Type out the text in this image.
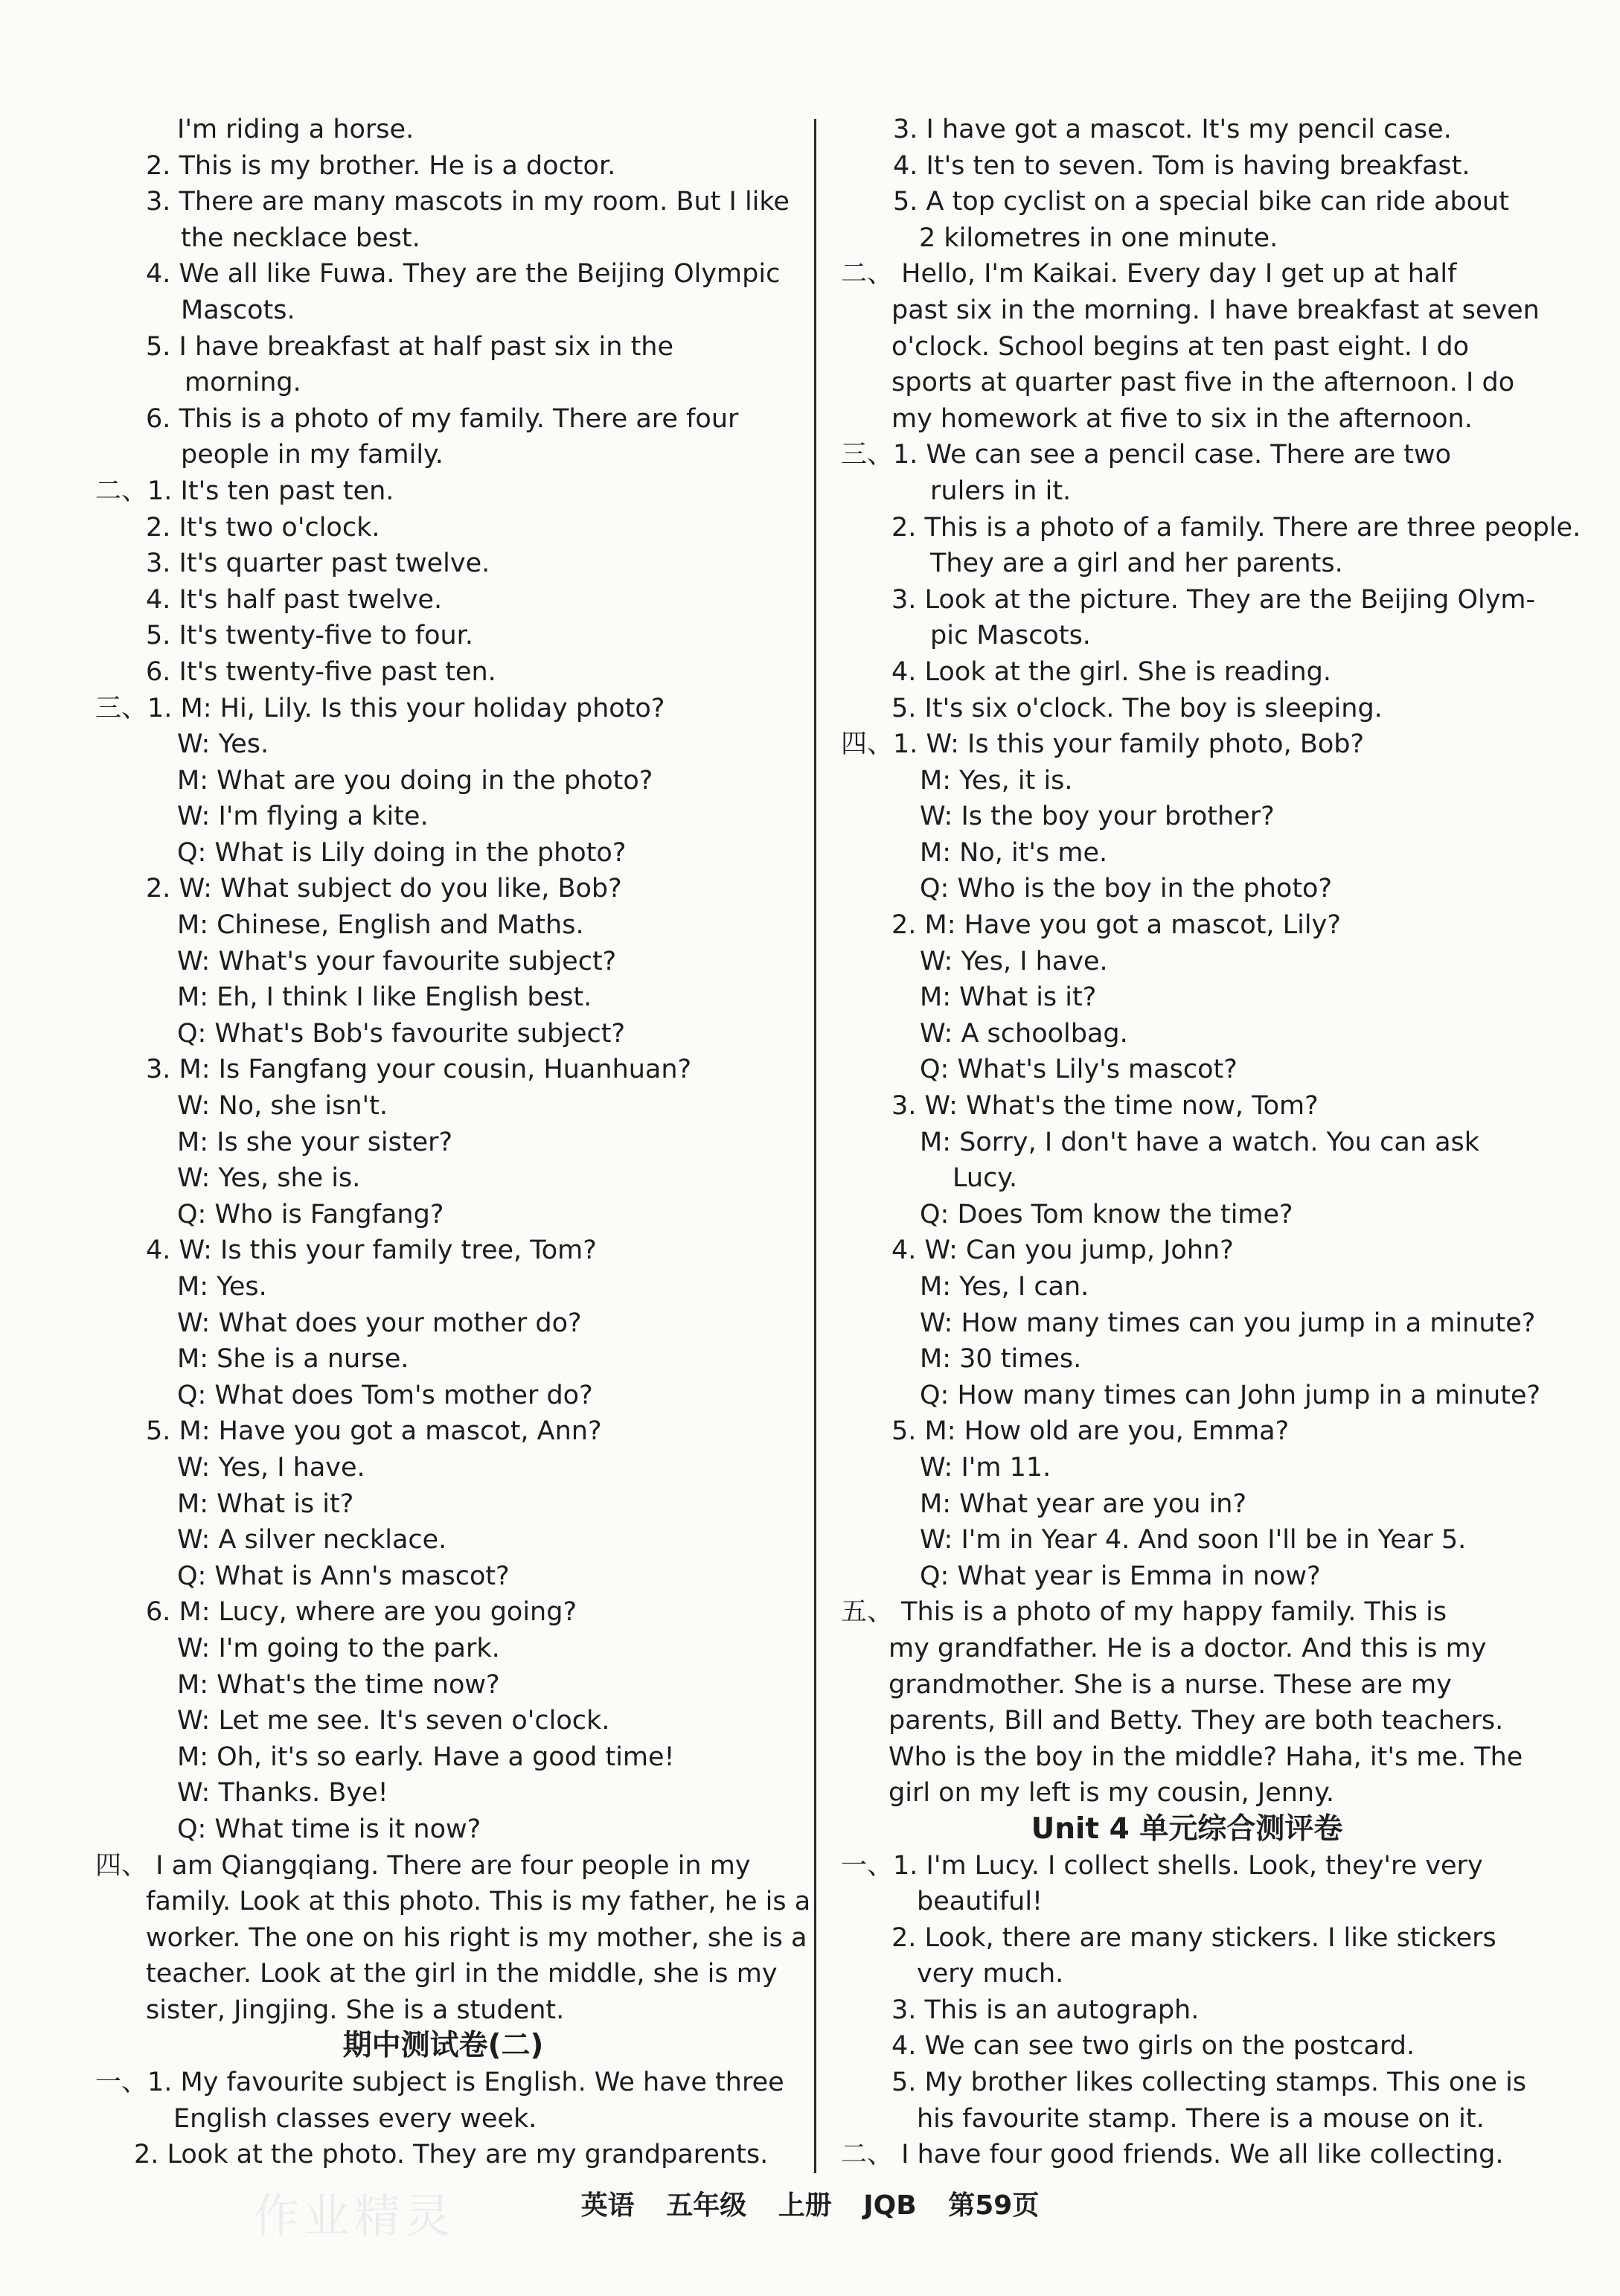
I'm riding a horse.
2. This is my brother. He is a doctor.
3. There are many mascots in my room. But I like
the necklace best.
4. We all like Fuwa. They are the Beijing Olympic
Mascots.
5. I have breakfast at half past six in the
morning.
6. This is a photo of my family. There are four
people in my family.
二、1. It's ten past ten.
2. It's two o'clock.
3. It's quarter past twelve.
4. It's half past twelve.
5. It's twenty-five to four.
6. It's twenty-five past ten.
三、1. M: Hi, Lily. Is this your holiday photo?
W: Yes.
M: What are you doing in the photo?
W: I'm flying a kite.
Q: What is Lily doing in the photo?
2. W: What subject do you like, Bob?
M: Chinese, English and Maths.
W: What's your favourite subject?
M: Eh, I think I like English best.
Q: What's Bob's favourite subject?
3. M: Is Fangfang your cousin, Huanhuan?
W: No, she isn't.
M: Is she your sister?
W: Yes, she is.
Q: Who is Fangfang?
4. W: Is this your family tree, Tom?
M: Yes.
W: What does your mother do?
M: She is a nurse.
Q: What does Tom's mother do?
5. M: Have you got a mascot, Ann?
W: Yes, I have.
M: What is it?
W: A silver necklace.
Q: What is Ann's mascot?
6. M: Lucy, where are you going?
W: I'm going to the park.
M: What's the time now?
W: Let me see. It's seven o'clock.
M: Oh, it's so early. Have a good time!
W: Thanks. Bye!
Q: What time is it now?
四、 I am Qiangqiang. There are four people in my
family. Look at this photo. This is my father, he is a
worker. The one on his right is my mother, she is a
teacher. Look at the girl in the middle, she is my
sister, Jingjing. She is a student.
期中测试卷(二)
一、1. My favourite subject is English. We have three
English classes every week.
2. Look at the photo. They are my grandparents.
3. I have got a mascot. It's my pencil case.
4. It's ten to seven. Tom is having breakfast.
5. A top cyclist on a special bike can ride about
2 kilometres in one minute.
二、 Hello, I'm Kaikai. Every day I get up at half
past six in the morning. I have breakfast at seven
o'clock. School begins at ten past eight. I do
sports at quarter past five in the afternoon. I do
my homework at five to six in the afternoon.
三、1. We can see a pencil case. There are two
rulers in it.
2. This is a photo of a family. There are three people.
They are a girl and her parents.
3. Look at the picture. They are the Beijing Olym-
pic Mascots.
4. Look at the girl. She is reading.
5. It's six o'clock. The boy is sleeping.
四、1. W: Is this your family photo, Bob?
M: Yes, it is.
W: Is the boy your brother?
M: No, it's me.
Q: Who is the boy in the photo?
2. M: Have you got a mascot, Lily?
W: Yes, I have.
M: What is it?
W: A schoolbag.
Q: What's Lily's mascot?
3. W: What's the time now, Tom?
M: Sorry, I don't have a watch. You can ask
Lucy.
Q: Does Tom know the time?
4. W: Can you jump, John?
M: Yes, I can.
W: How many times can you jump in a minute?
M: 30 times.
Q: How many times can John jump in a minute?
5. M: How old are you, Emma?
W: I'm 11.
M: What year are you in?
W: I'm in Year 4. And soon I'll be in Year 5.
Q: What year is Emma in now?
五、 This is a photo of my happy family. This is
my grandfather. He is a doctor. And this is my
grandmother. She is a nurse. These are my
parents, Bill and Betty. They are both teachers.
Who is the boy in the middle? Haha, it's me. The
girl on my left is my cousin, Jenny.
Unit 4 单元综合测评卷
一、1. I'm Lucy. I collect shells. Look, they're very
beautiful!
2. Look, there are many stickers. I like stickers
very much.
3. This is an autograph.
4. We can see two girls on the postcard.
5. My brother likes collecting stamps. This one is
his favourite stamp. There is a mouse on it.
二、 I have four good friends. We all like collecting.
作业精灵	英语 五年级 上册 JQB 第59页
